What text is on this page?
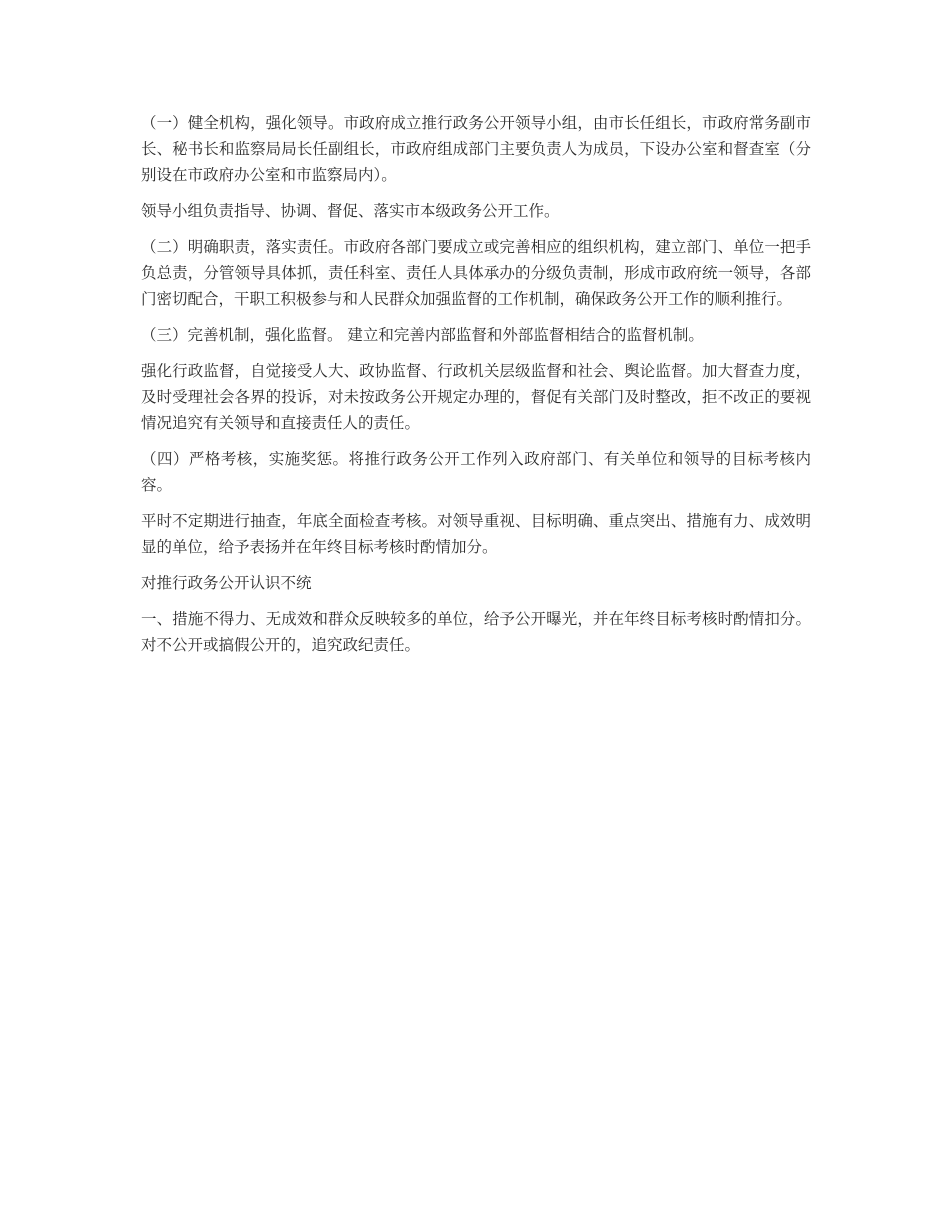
（一）健全机构，强化领导。市政府成立推行政务公开领导小组，由市长任组长，市政府常务副市长、秘书长和监察局局长任副组长，市政府组成部门主要负责人为成员，下设办公室和督查室（分别设在市政府办公室和市监察局内）。

领导小组负责指导、协调、督促、落实市本级政务公开工作。

（二）明确职责，落实责任。市政府各部门要成立或完善相应的组织机构，建立部门、单位一把手负总责，分管领导具体抓，责任科室、责任人具体承办的分级负责制，形成市政府统一领导，各部门密切配合，干职工积极参与和人民群众加强监督的工作机制，确保政务公开工作的顺利推行。

（三）完善机制，强化监督。 建立和完善内部监督和外部监督相结合的监督机制。

强化行政监督，自觉接受人大、政协监督、行政机关层级监督和社会、舆论监督。加大督查力度，及时受理社会各界的投诉，对未按政务公开规定办理的，督促有关部门及时整改，拒不改正的要视情况追究有关领导和直接责任人的责任。

（四）严格考核，实施奖惩。将推行政务公开工作列入政府部门、有关单位和领导的目标考核内容。

平时不定期进行抽查，年底全面检查考核。对领导重视、目标明确、重点突出、措施有力、成效明显的单位，给予表扬并在年终目标考核时酌情加分。

对推行政务公开认识不统

一、措施不得力、无成效和群众反映较多的单位，给予公开曝光，并在年终目标考核时酌情扣分。对不公开或搞假公开的，追究政纪责任。
